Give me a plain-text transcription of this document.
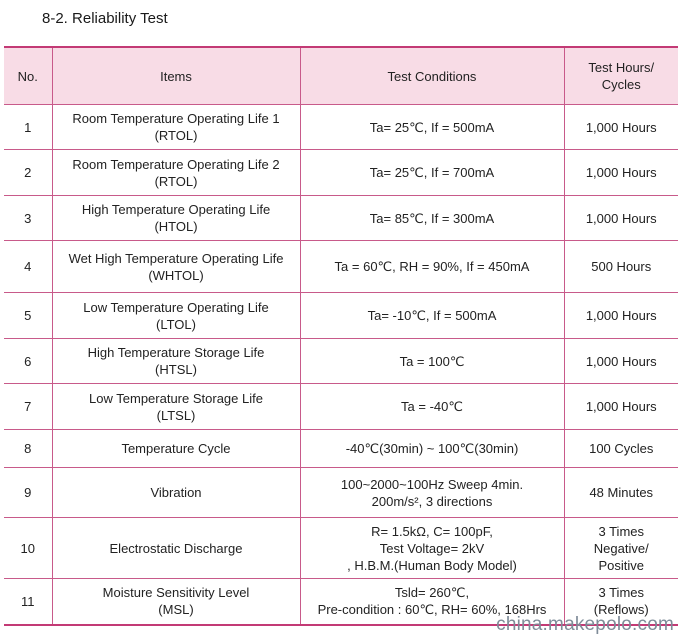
8-2. Reliability Test
No.	Items	Test Conditions	Test Hours/
Cycles
1	Room Temperature Operating Life 1
(RTOL)	Ta= 25℃, If = 500mA	1,000 Hours
2	Room Temperature Operating Life 2
(RTOL)	Ta= 25℃, If = 700mA	1,000 Hours
3	High Temperature Operating Life
(HTOL)	Ta= 85℃, If = 300mA	1,000 Hours
4	Wet High Temperature Operating Life
(WHTOL)	Ta = 60℃, RH = 90%, If = 450mA	500 Hours
5	Low Temperature Operating Life
(LTOL)	Ta= -10℃, If = 500mA	1,000 Hours
6	High Temperature Storage Life
(HTSL)	Ta = 100℃	1,000 Hours
7	Low Temperature Storage Life
(LTSL)	Ta = -40℃	1,000 Hours
8	Temperature Cycle	-40℃(30min) ~ 100℃(30min)	100 Cycles
9	Vibration	100~2000~100Hz Sweep 4min.
200m/s², 3 directions	48 Minutes
10	Electrostatic Discharge	R= 1.5kΩ, C= 100pF,
Test Voltage= 2kV
, H.B.M.(Human Body Model)	3 Times
Negative/
Positive
11	Moisture Sensitivity Level
(MSL)	Tsld= 260℃,
Pre-condition : 60℃, RH= 60%, 168Hrs	3 Times
(Reflows)
china.makepolo.com
